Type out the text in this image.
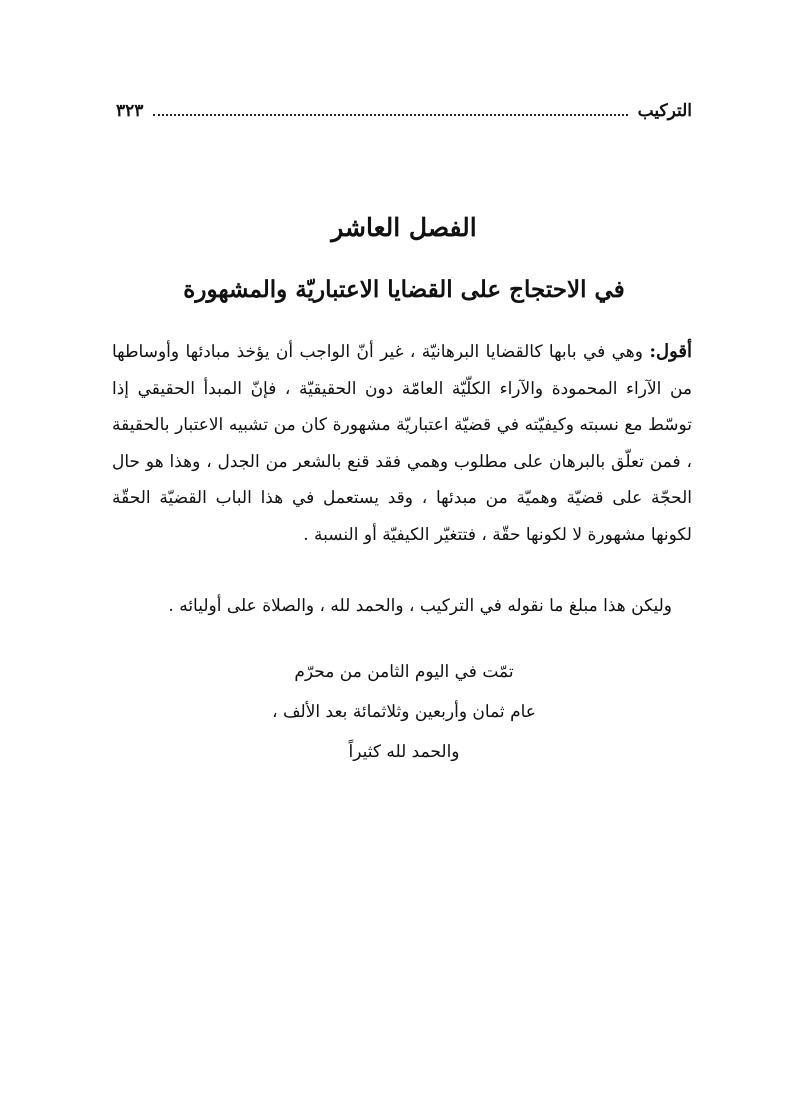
التركيب
٣٢٣
الفصل العاشر
في الاحتجاج على القضايا الاعتباريّة والمشهورة

أقول: وهي في بابها كالقضايا البرهانيّة ، غير أنّ الواجب أن يؤخذ مبادئها وأوساطها من الآراء المحمودة والآراء الكلّيّة العامّة دون الحقيقيّة ، فإنّ المبدأ الحقيقي إذا توسّط مع نسبته وكيفيّته في قضيّة اعتباريّة مشهورة كان من تشبيه الاعتبار بالحقيقة ، فمن تعلّق بالبرهان على مطلوب وهمي فقد قنع بالشعر من الجدل ، وهذا هو حال الحجّة على قضيّة وهميّة من مبدئها ، وقد يستعمل في هذا الباب القضيّة الحقّة لكونها مشهورة لا لكونها حقّة ، فتتغيّر الكيفيّة أو النسبة .

وليكن هذا مبلغ ما نقوله في التركيب ، والحمد لله ، والصلاة على أوليائه .

تمّت في اليوم الثامن من محرّم
عام ثمان وأربعين وثلاثمائة بعد الألف ،
والحمد لله كثيراً
